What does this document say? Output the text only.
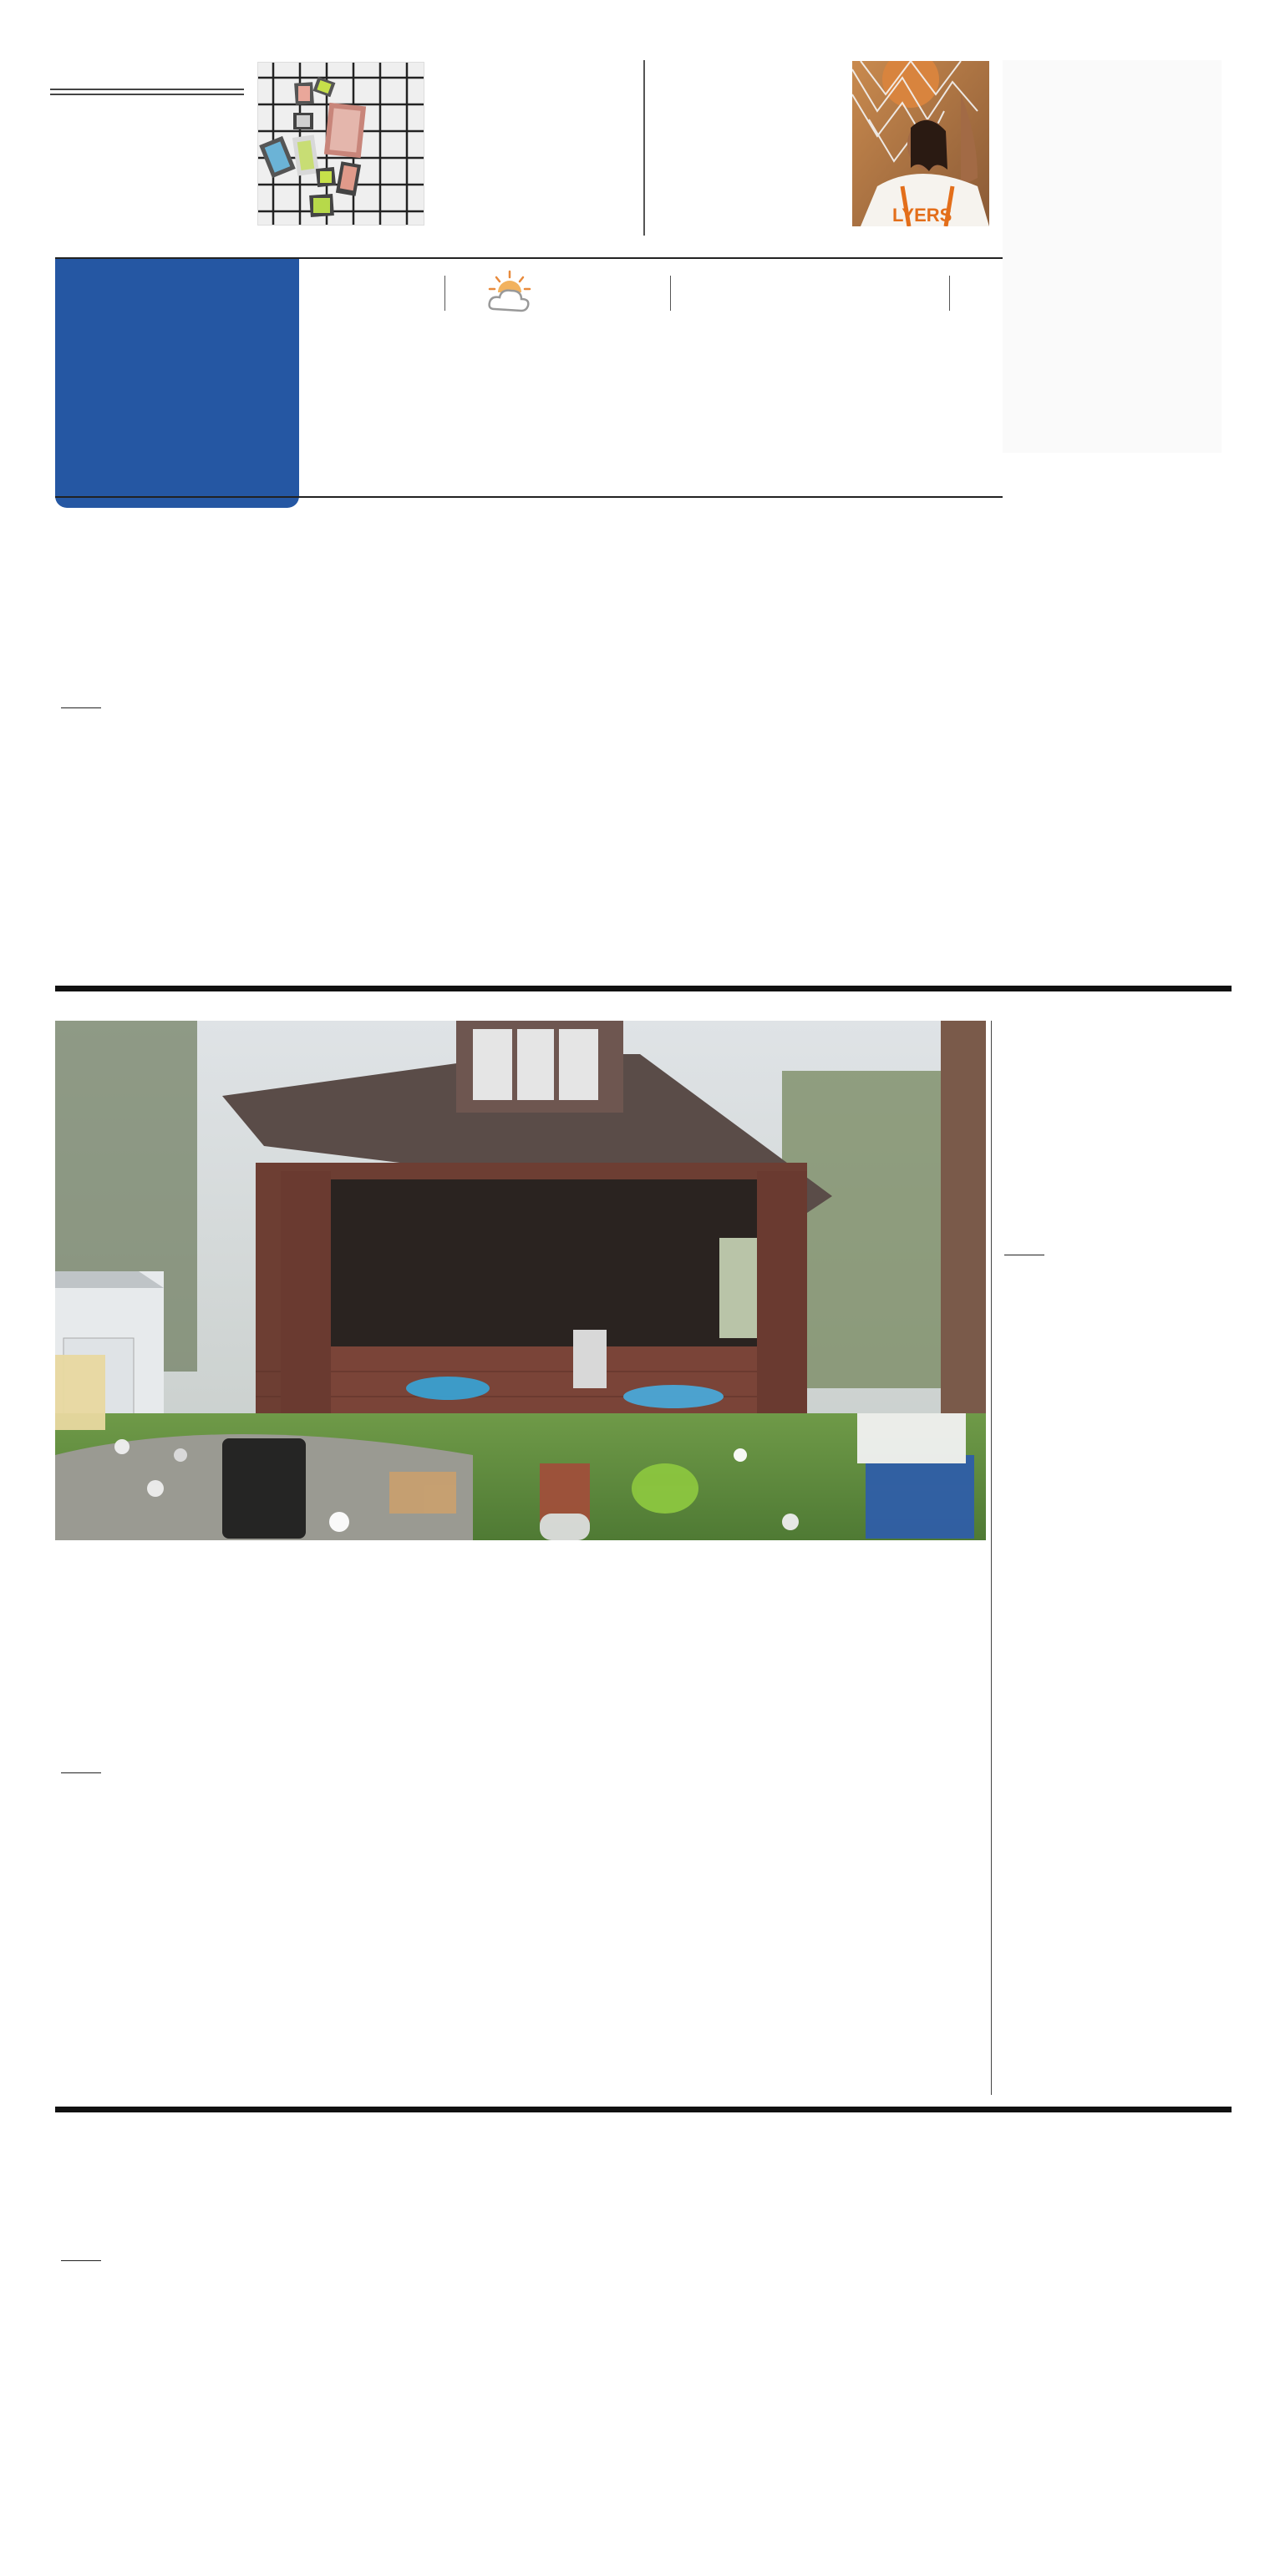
LYERS
